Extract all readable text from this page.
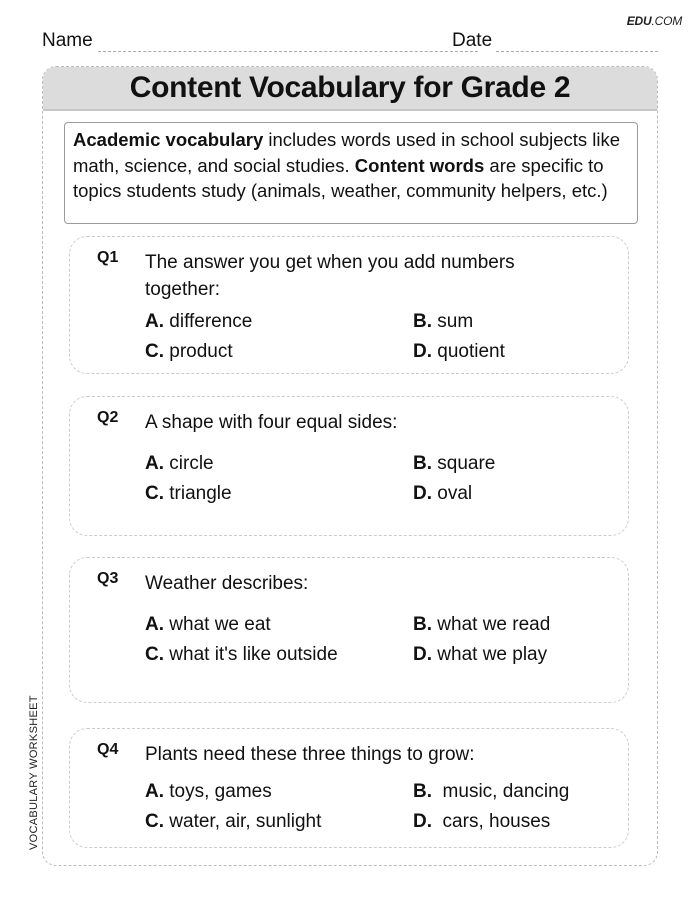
EDU.COM
Name	Date
Content Vocabulary for Grade 2
Academic vocabulary includes words used in school subjects like math, science, and social studies. Content words are specific to topics students study (animals, weather, community helpers, etc.)
Q1 The answer you get when you add numbers together:
A. difference	B. sum
C. product	D. quotient
Q2 A shape with four equal sides:
A. circle	B. square
C. triangle	D. oval
Q3 Weather describes:
A. what we eat	B. what we read
C. what it's like outside	D. what we play
Q4 Plants need these three things to grow:
A. toys, games	B.  music, dancing
C. water, air, sunlight	D.  cars, houses
VOCABULARY WORKSHEET
